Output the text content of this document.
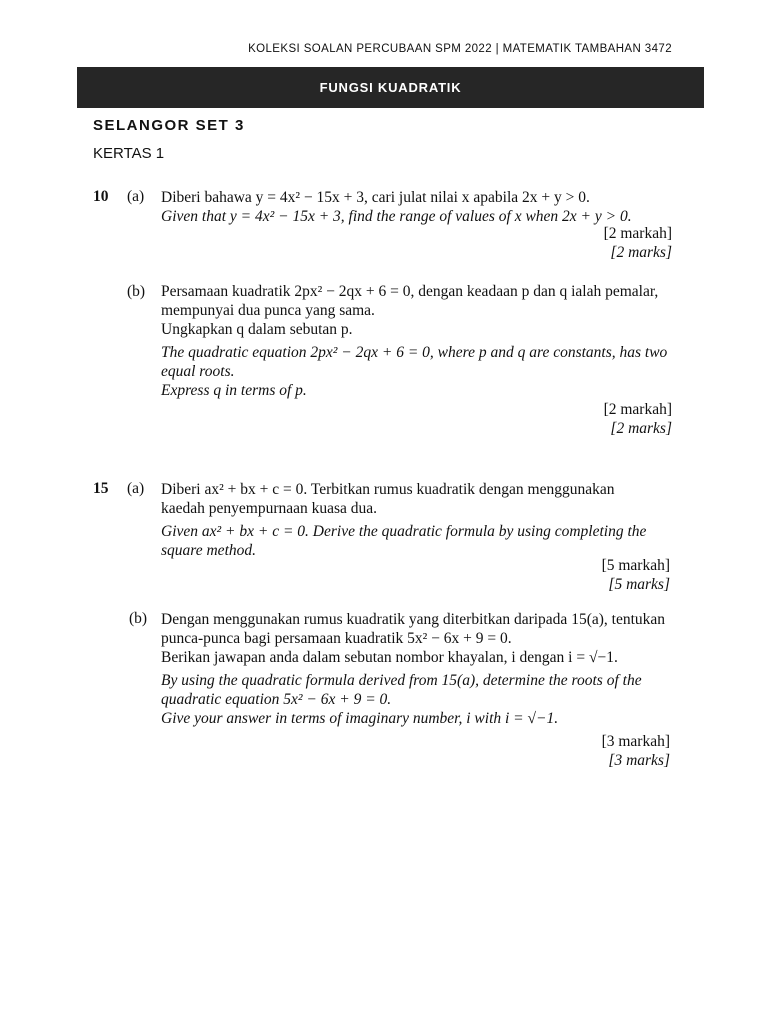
KOLEKSI SOALAN PERCUBAAN SPM 2022 | MATEMATIK TAMBAHAN 3472
FUNGSI KUADRATIK
SELANGOR SET 3
KERTAS 1
10 (a) Diberi bahawa y = 4x² − 15x + 3, cari julat nilai x apabila 2x + y > 0.
Given that y = 4x² − 15x + 3, find the range of values of x when 2x + y > 0.
[2 markah]
[2 marks]
(b) Persamaan kuadratik 2px² − 2qx + 6 = 0, dengan keadaan p dan q ialah pemalar,
mempunyai dua punca yang sama.
Ungkapkan q dalam sebutan p.
The quadratic equation 2px² − 2qx + 6 = 0, where p and q are constants, has two
equal roots.
Express q in terms of p.
[2 markah]
[2 marks]
15 (a) Diberi ax² + bx + c = 0. Terbitkan rumus kuadratik dengan menggunakan
kaedah penyempurnaan kuasa dua.
Given ax² + bx + c = 0. Derive the quadratic formula by using completing the
square method.
[5 markah]
[5 marks]
(b) Dengan menggunakan rumus kuadratik yang diterbitkan daripada 15(a), tentukan
punca-punca bagi persamaan kuadratik 5x² − 6x + 9 = 0.
Berikan jawapan anda dalam sebutan nombor khayalan, i dengan i = √−1.
By using the quadratic formula derived from 15(a), determine the roots of the
quadratic equation 5x² − 6x + 9 = 0.
Give your answer in terms of imaginary number, i with i = √−1.
[3 markah]
[3 marks]
